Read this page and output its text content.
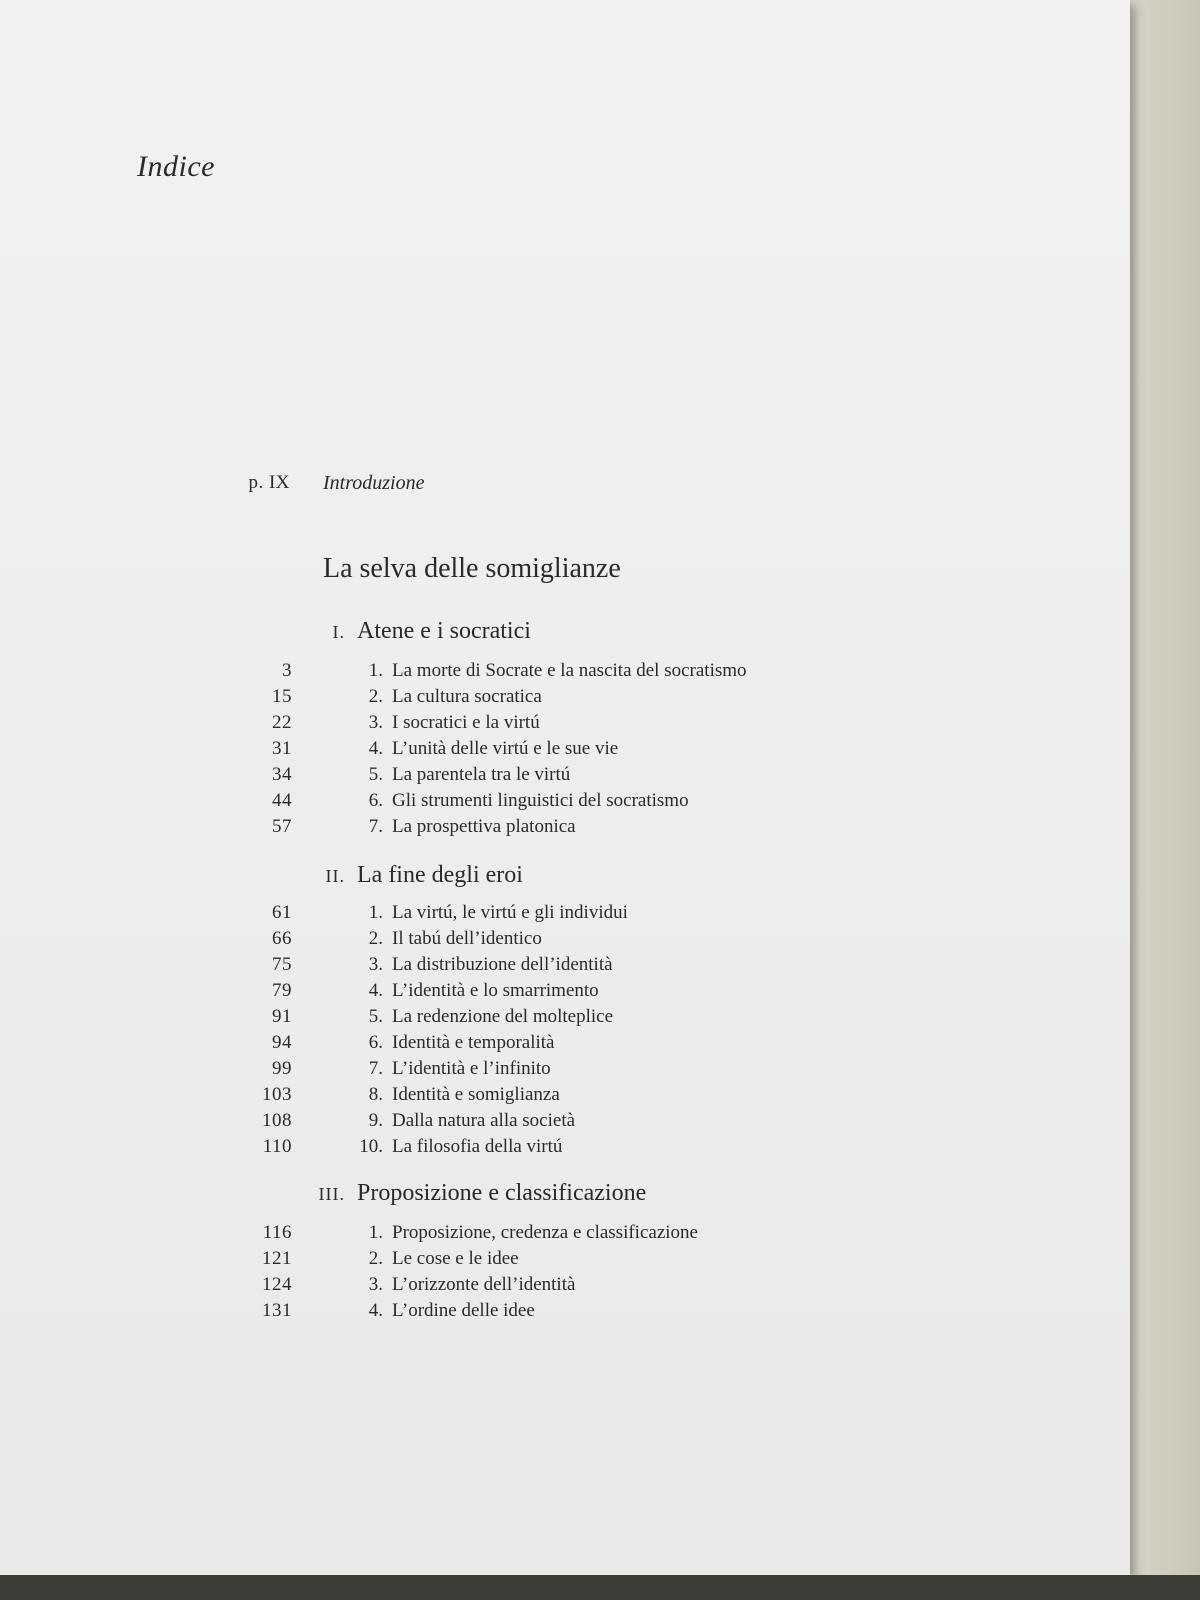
Indice
p. IX Introduzione
La selva delle somiglianze
I. Atene e i socratici
3	1. La morte di Socrate e la nascita del socratismo
15	2. La cultura socratica
22	3. I socratici e la virtú
31	4. L’unità delle virtú e le sue vie
34	5. La parentela tra le virtú
44	6. Gli strumenti linguistici del socratismo
57	7. La prospettiva platonica
II. La fine degli eroi
61	1. La virtú, le virtú e gli individui
66	2. Il tabú dell’identico
75	3. La distribuzione dell’identità
79	4. L’identità e lo smarrimento
91	5. La redenzione del molteplice
94	6. Identità e temporalità
99	7. L’identità e l’infinito
103	8. Identità e somiglianza
108	9. Dalla natura alla società
110	10. La filosofia della virtú
III. Proposizione e classificazione
116	1. Proposizione, credenza e classificazione
121	2. Le cose e le idee
124	3. L’orizzonte dell’identità
131	4. L’ordine delle idee
